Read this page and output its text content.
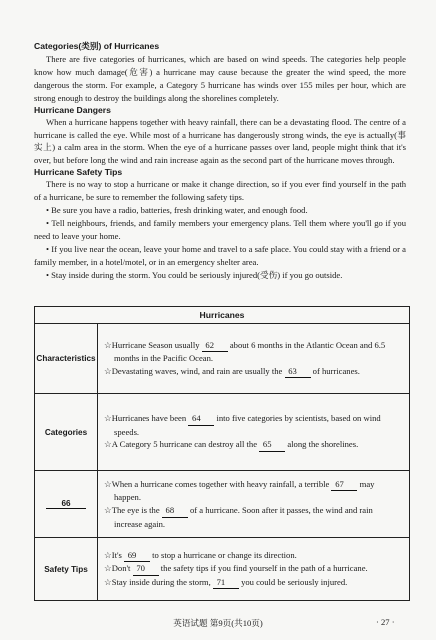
Categories(类别) of Hurricanes

There are five categories of hurricanes, which are based on wind speeds. The categories help people know how much damage(危害) a hurricane may cause because the greater the wind speed, the more dangerous the storm. For example, a Category 5 hurricane has winds over 155 miles per hour, which are strong enough to destroy the buildings along the shorelines completely.

Hurricane Dangers

When a hurricane happens together with heavy rainfall, there can be a devastating flood. The centre of a hurricane is called the eye. While most of a hurricane has dangerously strong winds, the eye is actually(事实上) a calm area in the storm. When the eye of a hurricane passes over land, people might think that it's over, but before long the wind and rain increase again as the second part of the hurricane moves through.

Hurricane Safety Tips

There is no way to stop a hurricane or make it change direction, so if you ever find yourself in the path of a hurricane, be sure to remember the following safety tips.

• Be sure you have a radio, batteries, fresh drinking water, and enough food.

• Tell neighbours, friends, and family members your emergency plans. Tell them where you'll go if you need to leave your home.

• If you live near the ocean, leave your home and travel to a safe place. You could stay with a friend or a family member, in a hotel/motel, or in an emergency shelter area.

• Stay inside during the storm. You could be seriously injured(受伤) if you go outside.

Hurricanes	
Characteristics	☆Hurricane Season usually 62 about 6 months in the Atlantic Ocean and 6.5 months in the Pacific Ocean.
☆Devastating waves, wind, and rain are usually the 63 of hurricanes.

Categories	☆Hurricanes have been 64 into five categories by scientists, based on wind speeds.
☆A Category 5 hurricane can destroy all the 65 along the shorelines.

66	☆When a hurricane comes together with heavy rainfall, a terrible 67 may happen.
☆The eye is the 68 of a hurricane. Soon after it passes, the wind and rain increase again.

Safety Tips	☆It's 69 to stop a hurricane or change its direction.
☆Don't 70 the safety tips if you find yourself in the path of a hurricane.
☆Stay inside during the storm, 71 you could be seriously injured.
英语试题 第9页(共10页)	· 27 ·
